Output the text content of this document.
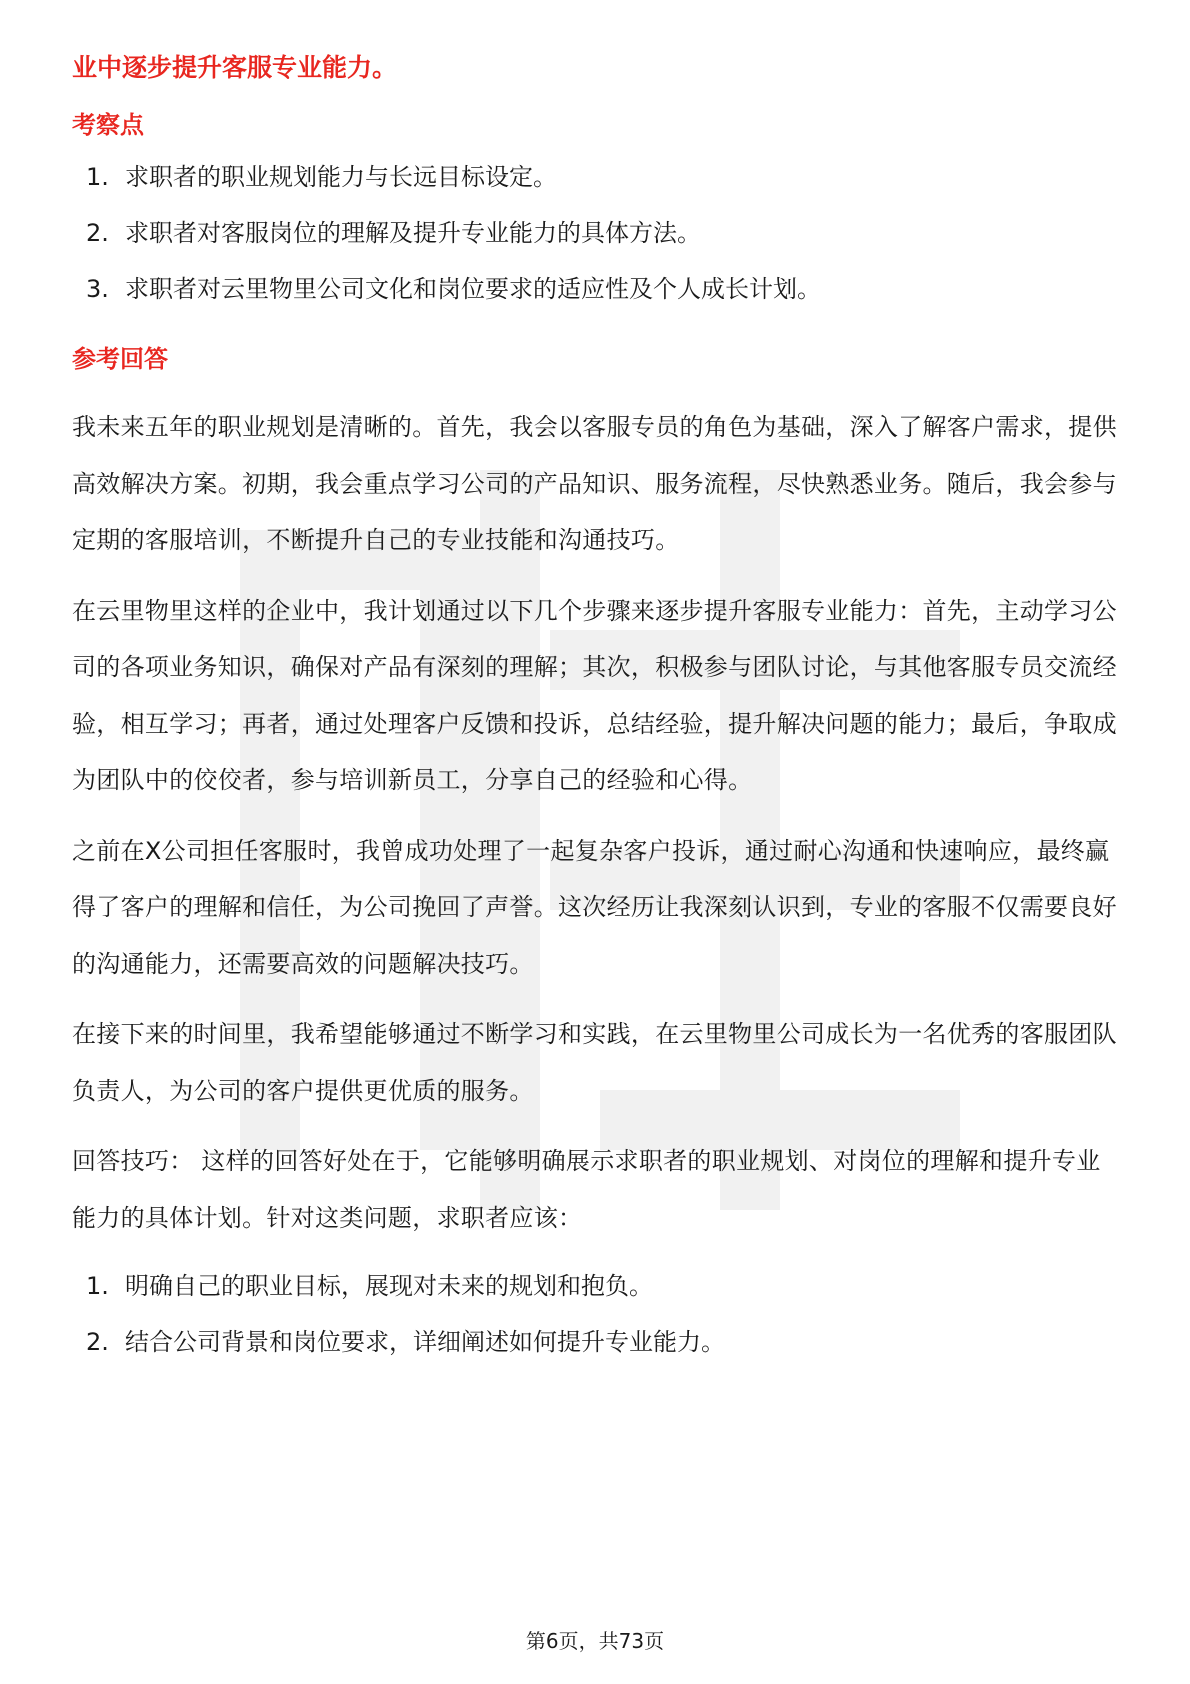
业中逐步提升客服专业能力。

考察点
1. 求职者的职业规划能力与长远目标设定。
2. 求职者对客服岗位的理解及提升专业能力的具体方法。
3. 求职者对云里物里公司文化和岗位要求的适应性及个人成长计划。
参考回答

我未来五年的职业规划是清晰的。首先，我会以客服专员的角色为基础，深入了解客户需求，提供高效解决方案。初期，我会重点学习公司的产品知识、服务流程，尽快熟悉业务。随后，我会参与定期的客服培训，不断提升自己的专业技能和沟通技巧。

在云里物里这样的企业中，我计划通过以下几个步骤来逐步提升客服专业能力：首先，主动学习公司的各项业务知识，确保对产品有深刻的理解；其次，积极参与团队讨论，与其他客服专员交流经验，相互学习；再者，通过处理客户反馈和投诉，总结经验，提升解决问题的能力；最后，争取成为团队中的佼佼者，参与培训新员工，分享自己的经验和心得。

之前在X公司担任客服时，我曾成功处理了一起复杂客户投诉，通过耐心沟通和快速响应，最终赢得了客户的理解和信任，为公司挽回了声誉。这次经历让我深刻认识到，专业的客服不仅需要良好的沟通能力，还需要高效的问题解决技巧。

在接下来的时间里，我希望能够通过不断学习和实践，在云里物里公司成长为一名优秀的客服团队负责人，为公司的客户提供更优质的服务。

回答技巧： 这样的回答好处在于，它能够明确展示求职者的职业规划、对岗位的理解和提升专业能力的具体计划。针对这类问题，求职者应该：

1. 明确自己的职业目标，展现对未来的规划和抱负。
2. 结合公司背景和岗位要求，详细阐述如何提升专业能力。
第6页，共73页
